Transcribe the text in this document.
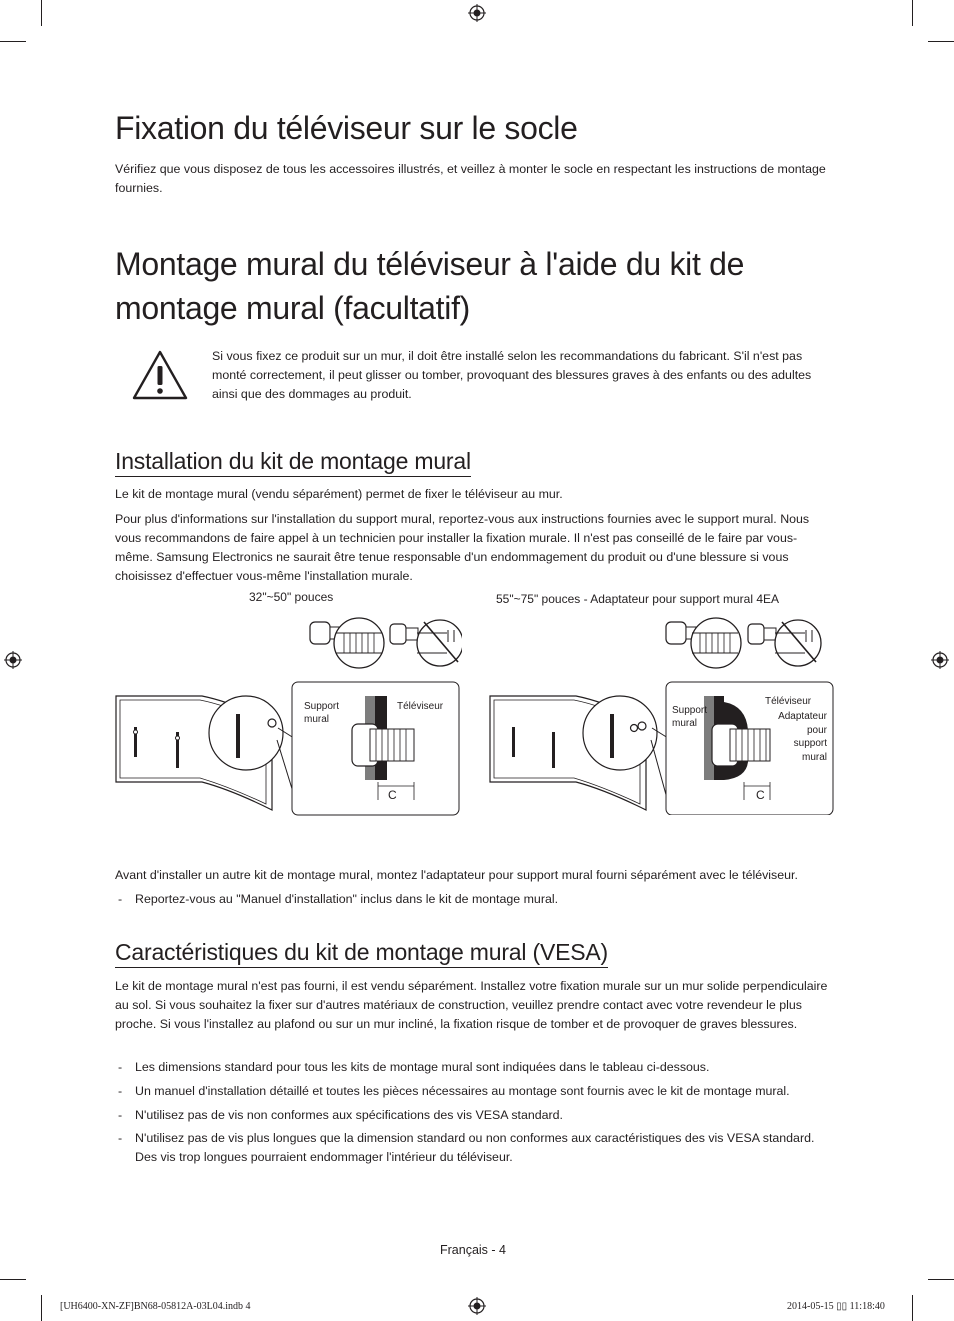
Fixation du téléviseur sur le socle

Vérifiez que vous disposez de tous les accessoires illustrés, et veillez à monter le socle en respectant les instructions de montage fournies.

Montage mural du téléviseur à l'aide du kit de
montage mural (facultatif)

Si vous fixez ce produit sur un mur, il doit être installé selon les recommandations du fabricant. S'il n'est pas monté correctement, il peut glisser ou tomber, provoquant des blessures graves à des enfants ou des adultes ainsi que des dommages au produit.

Installation du kit de montage mural

Le kit de montage mural (vendu séparément) permet de fixer le téléviseur au mur.

Pour plus d'informations sur l'installation du support mural, reportez-vous aux instructions fournies avec le support mural. Nous vous recommandons de faire appel à un technicien pour installer la fixation murale. Il n'est pas conseillé de le faire par vous-même. Samsung Electronics ne saurait être tenue responsable d'un endommagement du produit ou d'une blessure si vous choisissez d'effectuer vous-même l'installation murale.

32"~50" pouces	55"~75" pouces - Adaptateur pour support mural 4EA
Support
mural
Téléviseur
C
Support
mural
Téléviseur
Adaptateur
pour
support
mural
C

Avant d'installer un autre kit de montage mural, montez l'adaptateur pour support mural fourni séparément avec le téléviseur.

- Reportez-vous au "Manuel d'installation" inclus dans le kit de montage mural.
Caractéristiques du kit de montage mural (VESA)

Le kit de montage mural n'est pas fourni, il est vendu séparément. Installez votre fixation murale sur un mur solide perpendiculaire au sol. Si vous souhaitez la fixer sur d'autres matériaux de construction, veuillez prendre contact avec votre revendeur le plus proche. Si vous l'installez au plafond ou sur un mur incliné, la fixation risque de tomber et de provoquer de graves blessures.

- Les dimensions standard pour tous les kits de montage mural sont indiquées dans le tableau ci-dessous.
- Un manuel d'installation détaillé et toutes les pièces nécessaires au montage sont fournis avec le kit de montage mural.
- N'utilisez pas de vis non conformes aux spécifications des vis VESA standard.
- N'utilisez pas de vis plus longues que la dimension standard ou non conformes aux caractéristiques des vis VESA standard. Des vis trop longues pourraient endommager l'intérieur du téléviseur.
Français - 4
[UH6400-XN-ZF]BN68-05812A-03L04.indb 4	2014-05-15 ▯▯ 11:18:40
